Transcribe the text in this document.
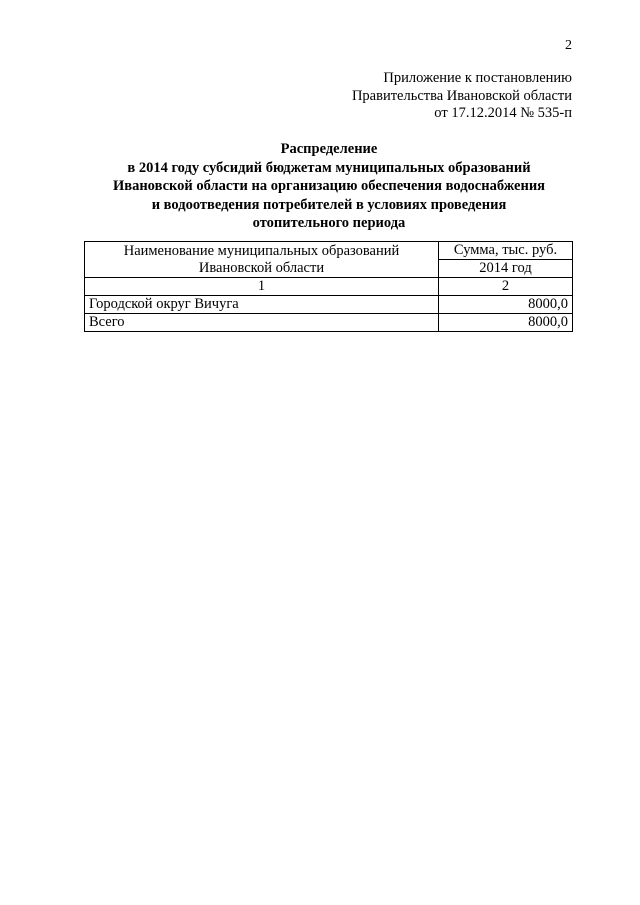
2
Приложение к постановлению
Правительства Ивановской области
от 17.12.2014 № 535-п
Распределение
в 2014 году субсидий бюджетам муниципальных образований
Ивановской области на организацию обеспечения водоснабжения
и водоотведения потребителей в условиях проведения
отопительного периода
Наименование муниципальных образований
Ивановской области	Сумма, тыс. руб.
	2014 год
1	2
Городской округ Вичуга	8000,0
Всего	8000,0
